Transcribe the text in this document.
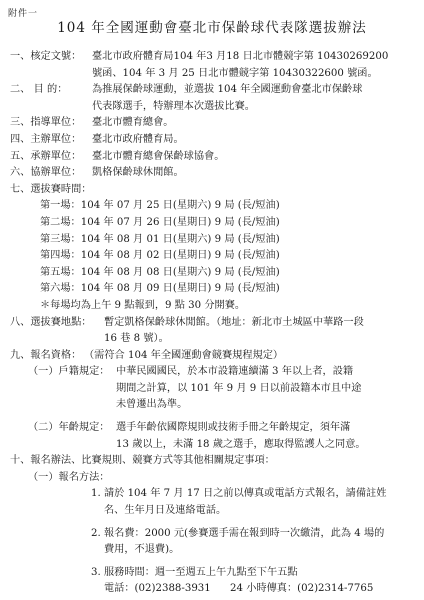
附件一
104 年全國運動會臺北市保齡球代表隊選拔辦法
一、核定文號： 臺北市政府體育局104 年3 月18 日北市體競字第 10430269200
號函、104 年 3 月 25 日北市體競字第 10430322600 號函。
二、 目 的： 為推展保齡球運動，並選拔 104 年全國運動會臺北市保齡球
代表隊選手，特辦理本次選拔比賽。
三、指導單位： 臺北市體育總會。
四、主辦單位： 臺北市政府體育局。
五、承辦單位： 臺北市體育總會保齡球協會。
六、協辦單位： 凱格保齡球休閒館。
七、選拔賽時間：
第一場：104 年 07 月 25 日(星期六) 9 局 (長/短油)
第二場：104 年 07 月 26 日(星期日) 9 局 (長/短油)
第三場：104 年 08 月 01 日(星期六) 9 局 (長/短油)
第四場：104 年 08 月 02 日(星期日) 9 局 (長/短油)
第五場：104 年 08 月 08 日(星期六) 9 局 (長/短油)
第六場：104 年 08 月 09 日(星期日) 9 局 (長/短油)
＊每場均為上午 9 點報到，9 點 30 分開賽。
八、選拔賽地點： 暫定凱格保齡球休閒館。（地址：新北市土城區中華路一段
16 巷 8 號）。
九、報名資格： （需符合 104 年全國運動會競賽規程規定）
（一）戶籍規定： 中華民國國民，於本市設籍連續滿 3 年以上者，設籍
期間之計算，以 101 年 9 月 9 日以前設籍本市且中途
未曾遷出為準。
（二）年齡規定： 選手年齡依國際規則或技術手冊之年齡規定，須年滿
13 歲以上，未滿 18 歲之選手，應取得監護人之同意。
十、報名辦法、比賽規則、競賽方式等其他相關規定事項：
（一）報名方法：
1. 請於 104 年 7 月 17 日之前以傳真或電話方式報名，請備註姓
名、生年月日及連絡電話。
2. 報名費：2000 元(參賽選手需在報到時一次繳清，此為 4 場的
費用，不退費)。
3. 服務時間：週一至週五上午九點至下午五點
電話：(02)2388-3931 24 小時傳真：(02)2314-7765
